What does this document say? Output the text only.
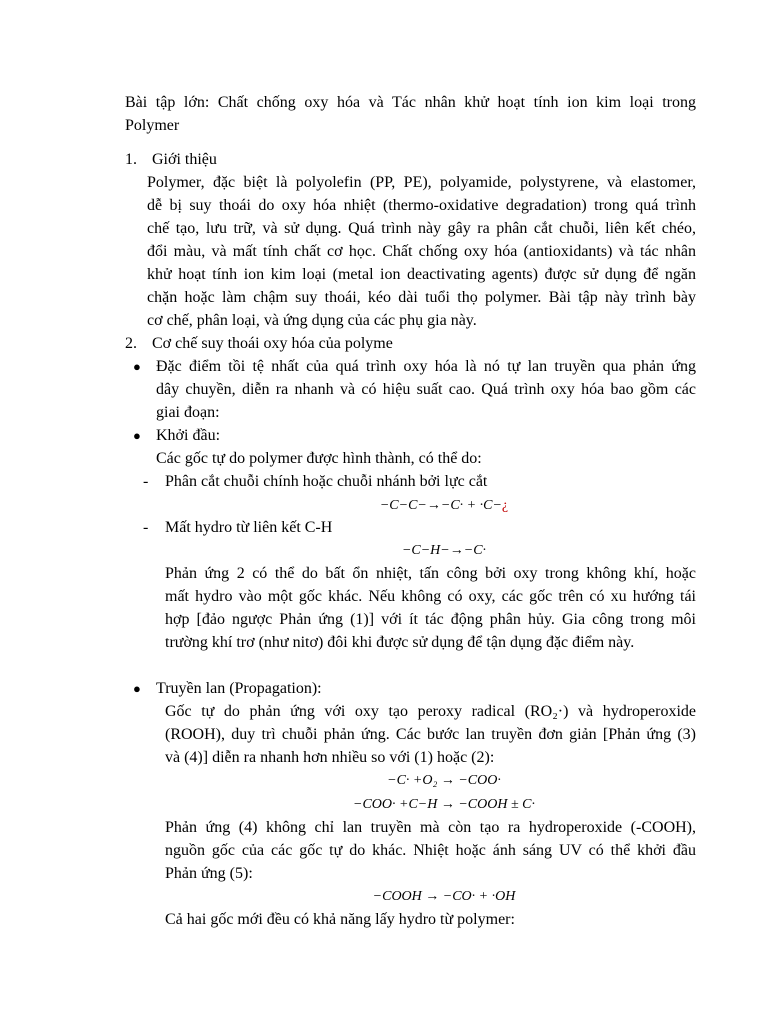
Bài tập lớn: Chất chống oxy hóa và Tác nhân khử hoạt tính ion kim loại trong
Polymer
1. Giới thiệu
Polymer, đặc biệt là polyolefin (PP, PE), polyamide, polystyrene, và elastomer,
dễ bị suy thoái do oxy hóa nhiệt (thermo-oxidative degradation) trong quá trình
chế tạo, lưu trữ, và sử dụng. Quá trình này gây ra phân cắt chuỗi, liên kết chéo,
đổi màu, và mất tính chất cơ học. Chất chống oxy hóa (antioxidants) và tác nhân
khử hoạt tính ion kim loại (metal ion deactivating agents) được sử dụng để ngăn
chặn hoặc làm chậm suy thoái, kéo dài tuổi thọ polymer. Bài tập này trình bày
cơ chế, phân loại, và ứng dụng của các phụ gia này.
2. Cơ chế suy thoái oxy hóa của polyme
● Đặc điểm tồi tệ nhất của quá trình oxy hóa là nó tự lan truyền qua phản ứng
dây chuyền, diễn ra nhanh và có hiệu suất cao. Quá trình oxy hóa bao gồm các
giai đoạn:
● Khởi đầu:
Các gốc tự do polymer được hình thành, có thể do:
- Phân cắt chuỗi chính hoặc chuỗi nhánh bởi lực cắt
−C−C−→−C· + ·C−¿
- Mất hydro từ liên kết C-H
−C−H−→−C·
Phản ứng 2 có thể do bất ổn nhiệt, tấn công bởi oxy trong không khí, hoặc
mất hydro vào một gốc khác. Nếu không có oxy, các gốc trên có xu hướng tái
hợp [đảo ngược Phản ứng (1)] với ít tác động phân hủy. Gia công trong môi
trường khí trơ (như nitơ) đôi khi được sử dụng để tận dụng đặc điểm này.
● Truyền lan (Propagation):
Gốc tự do phản ứng với oxy tạo peroxy radical (RO₂·) và hydroperoxide
(ROOH), duy trì chuỗi phản ứng. Các bước lan truyền đơn giản [Phản ứng (3)
và (4)] diễn ra nhanh hơn nhiều so với (1) hoặc (2):
−C· +O₂ → −COO·
−COO· +C−H → −COOH ± C·
Phản ứng (4) không chỉ lan truyền mà còn tạo ra hydroperoxide (-COOH),
nguồn gốc của các gốc tự do khác. Nhiệt hoặc ánh sáng UV có thể khởi đầu
Phản ứng (5):
−COOH → −CO· + ·OH
Cả hai gốc mới đều có khả năng lấy hydro từ polymer:
